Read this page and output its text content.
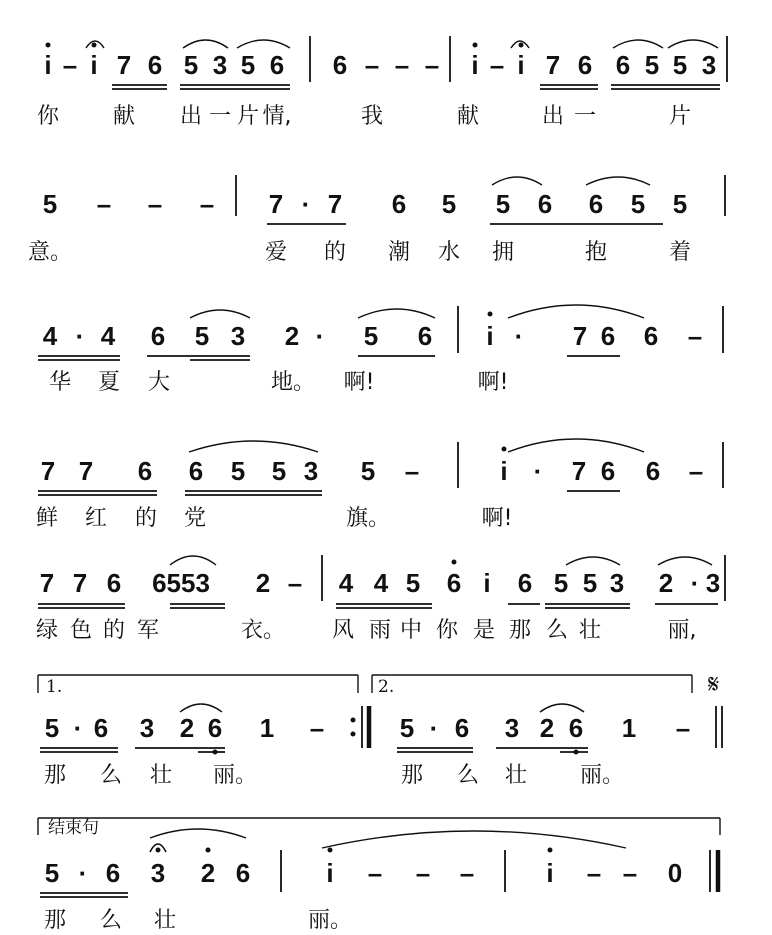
i – i 7 6 5 3 5 6 6 – – – i – i 7 6 6 5 5 3
你 献 出 一 片 情,	我	献	出 一	片
5 – – – 7 · 7 6 5 5 6 6 5 5
意。	爱 的 潮 水 拥	抱	着
4 · 4 6 5 3 2 · 5 6 i · 7 6 6 –
华 夏 大	地。 啊!	啊!
7 7 6 6 5 5 3 5 –	i · 7 6 6 –
鲜 红 的 党	旗。	啊!
7 7 6 6553 2 – 4 4 5 6 i 6 5 5 3 2 · 3
绿 色 的 军	衣。 风 雨 中 你 是 那 么 壮	丽,
5 · 6 3 2 6 1 –	5 · 6 3 2 6 1 –
那 么 壮 丽。	那 么 壮 丽。
5 · 6 3 2 6	i – – –	i – – 0
那 么 壮	丽。
1.	2.	𝄋
结束句
